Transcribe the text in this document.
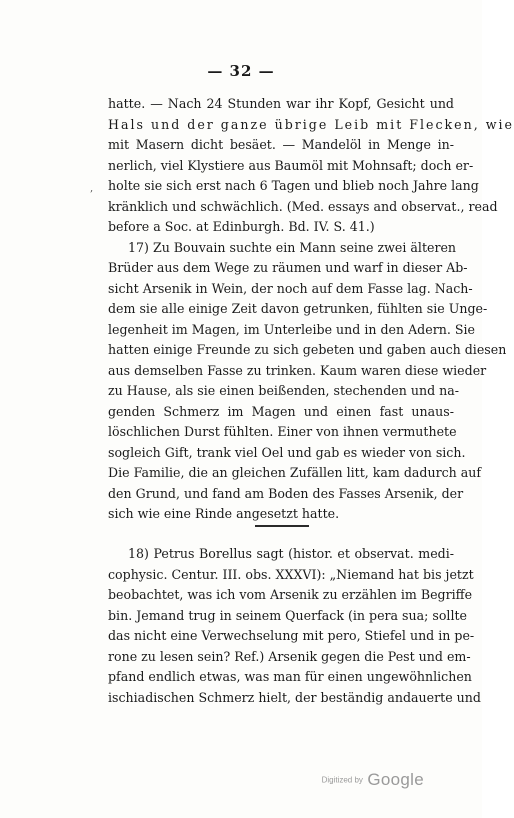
— 32 —
,
hatte. — Nach 24 Stunden war ihr Kopf, Gesicht und
Hals und der ganze übrige Leib mit Flecken, wie
mit Masern dicht besäet. — Mandelöl in Menge in-
nerlich, viel Klystiere aus Baumöl mit Mohnsaft; doch er-
holte sie sich erst nach 6 Tagen und blieb noch Jahre lang
kränklich und schwächlich. (Med. essays and observat., read
before a Soc. at Edinburgh. Bd. IV. S. 41.)
17) Zu Bouvain suchte ein Mann seine zwei älteren
Brüder aus dem Wege zu räumen und warf in dieser Ab-
sicht Arsenik in Wein, der noch auf dem Fasse lag. Nach-
dem sie alle einige Zeit davon getrunken, fühlten sie Unge-
legenheit im Magen, im Unterleibe und in den Adern. Sie
hatten einige Freunde zu sich gebeten und gaben auch diesen
aus demselben Fasse zu trinken. Kaum waren diese wieder
zu Hause, als sie einen beißenden, stechenden und na-
genden Schmerz im Magen und einen fast unaus-
löschlichen Durst fühlten. Einer von ihnen vermuthete
sogleich Gift, trank viel Oel und gab es wieder von sich.
Die Familie, die an gleichen Zufällen litt, kam dadurch auf
den Grund, und fand am Boden des Fasses Arsenik, der
sich wie eine Rinde angesetzt hatte.
18) Petrus Borellus sagt (histor. et observat. medi-
cophysic. Centur. III. obs. XXXVI): „Niemand hat bis jetzt
beobachtet, was ich vom Arsenik zu erzählen im Begriffe
bin. Jemand trug in seinem Querfack (in pera sua; sollte
das nicht eine Verwechselung mit pero, Stiefel und in pe-
rone zu lesen sein? Ref.) Arsenik gegen die Pest und em-
pfand endlich etwas, was man für einen ungewöhnlichen
ischiadischen Schmerz hielt, der beständig andauerte und
Digitized by Google
